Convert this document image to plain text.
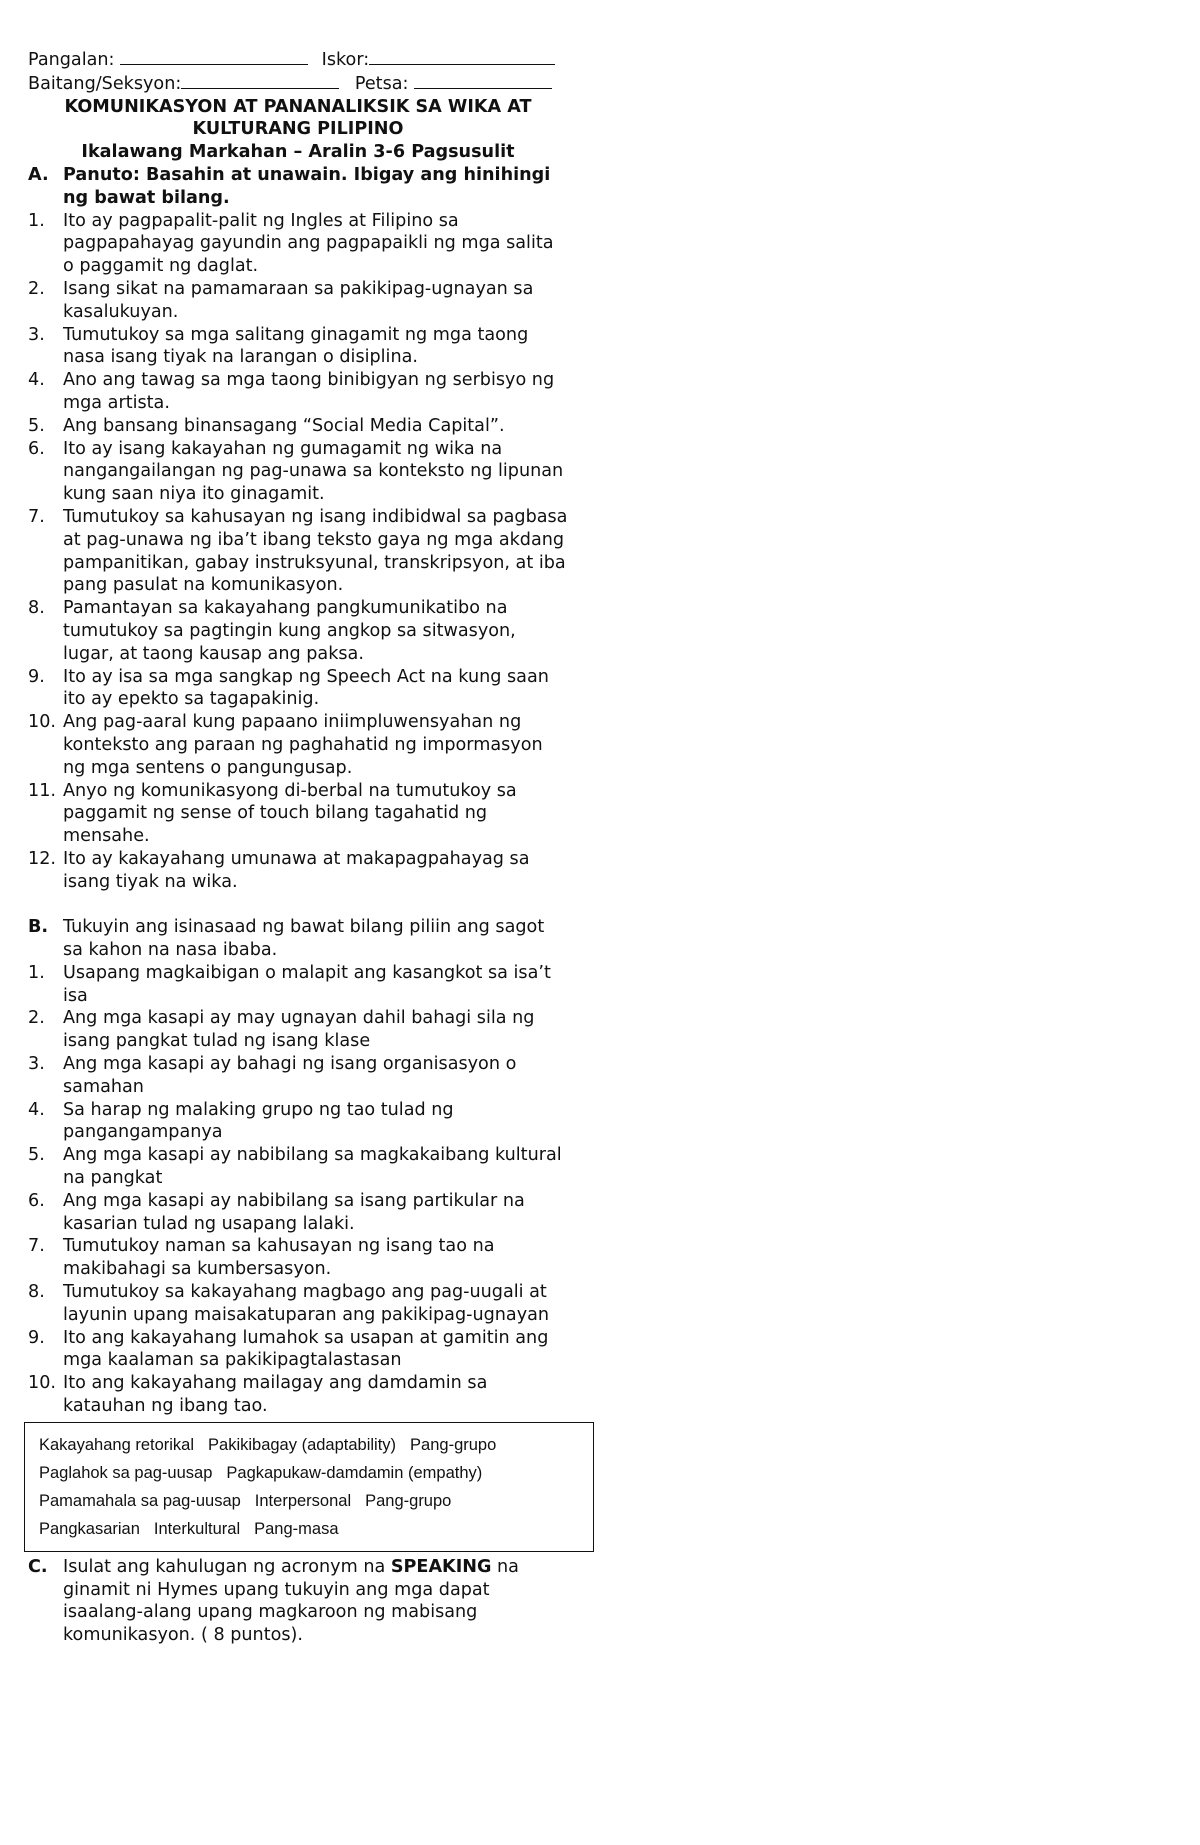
Pangalan:	Iskor:
Baitang/Seksyon:	Petsa:
KOMUNIKASYON AT PANANALIKSIK SA WIKA AT
KULTURANG PILIPINO
Ikalawang Markahan – Aralin 3-6 Pagsusulit
A. Panuto: Basahin at unawain. Ibigay ang hinihingi ng bawat bilang.
1.	Ito ay pagpapalit-palit ng Ingles at Filipino sa pagpapahayag gayundin ang pagpapaikli ng mga salita o paggamit ng daglat.
2.	Isang sikat na pamamaraan sa pakikipag-ugnayan sa kasalukuyan.
3.	Tumutukoy sa mga salitang ginagamit ng mga taong nasa isang tiyak na larangan o disiplina.
4.	Ano ang tawag sa mga taong binibigyan ng serbisyo ng mga artista.
5.	Ang bansang binansagang “Social Media Capital”.
6.	Ito ay isang kakayahan ng gumagamit ng wika na nangangailangan ng pag-unawa sa konteksto ng lipunan kung saan niya ito ginagamit.
7.	Tumutukoy sa kahusayan ng isang indibidwal sa pagbasa at pag-unawa ng iba’t ibang teksto gaya ng mga akdang pampanitikan, gabay instruksyunal, transkripsyon, at iba pang pasulat na komunikasyon.
8.	Pamantayan sa kakayahang pangkumunikatibo na tumutukoy sa pagtingin kung angkop sa sitwasyon, lugar, at taong kausap ang paksa.
9.	Ito ay isa sa mga sangkap ng Speech Act na kung saan ito ay epekto sa tagapakinig.
10. Ang pag-aaral kung papaano iniimpluwensyahan ng konteksto ang paraan ng paghahatid ng impormasyon ng mga sentens o pangungusap.
11. Anyo ng komunikasyong di-berbal na tumutukoy sa paggamit ng sense of touch bilang tagahatid ng mensahe.
12. Ito ay kakayahang umunawa at makapagpahayag sa isang tiyak na wika.
B. Tukuyin ang isinasaad ng bawat bilang piliin ang sagot sa kahon na nasa ibaba.
1.	Usapang magkaibigan o malapit ang kasangkot sa isa’t isa
2.	Ang mga kasapi ay may ugnayan dahil bahagi sila ng isang pangkat tulad ng isang klase
3.	Ang mga kasapi ay bahagi ng isang organisasyon o samahan
4.	Sa harap ng malaking grupo ng tao tulad ng pangangampanya
5.	Ang mga kasapi ay nabibilang sa magkakaibang kultural na pangkat
6.	Ang mga kasapi ay nabibilang sa isang partikular na kasarian tulad ng usapang lalaki.
7.	Tumutukoy naman sa kahusayan ng isang tao na makibahagi sa kumbersasyon.
8.	Tumutukoy sa kakayahang magbago ang pag-uugali at layunin upang maisakatuparan ang pakikipag-ugnayan
9.	Ito ang kakayahang lumahok sa usapan at gamitin ang mga kaalaman sa pakikipagtalastasan
10. Ito ang kakayahang mailagay ang damdamin sa katauhan ng ibang tao.
Kakayahang retorikal Pakikibagay (adaptability) Pang-grupo
Paglahok sa pag-uusap Pagkapukaw-damdamin (empathy)
Pamamahala sa pag-uusap Interpersonal Pang-grupo
Pangkasarian Interkultural Pang-masa
C. Isulat ang kahulugan ng acronym na SPEAKING na ginamit ni Hymes upang tukuyin ang mga dapat isaalang-alang upang magkaroon ng mabisang komunikasyon. ( 8 puntos).
